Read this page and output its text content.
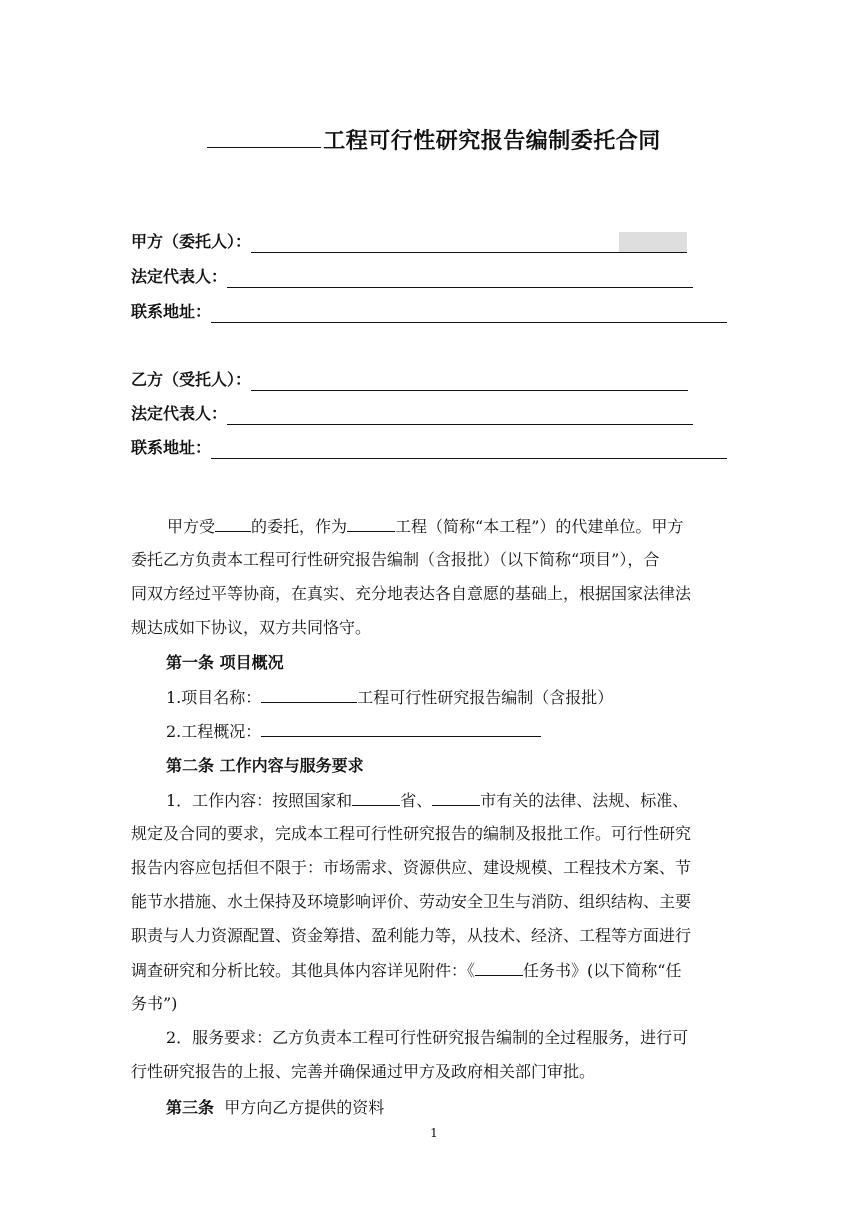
工程可行性研究报告编制委托合同
甲方（委托人）：
法定代表人：
联系地址：
乙方（受托人）：
法定代表人：
联系地址：
甲方受 的委托，作为	工程（简称“本工程”）的代建单位。甲方
委托乙方负责本工程可行性研究报告编制（含报批）（以下简称“项目”），合
同双方经过平等协商，在真实、充分地表达各自意愿的基础上，根据国家法律法
规达成如下协议，双方共同恪守。
第一条 项目概况
1.项目名称：	工程可行性研究报告编制（含报批）
2.工程概况：
第二条 工作内容与服务要求
1．工作内容：按照国家和	省、	市有关的法律、法规、标准、
规定及合同的要求，完成本工程可行性研究报告的编制及报批工作。可行性研究
报告内容应包括但不限于：市场需求、资源供应、建设规模、工程技术方案、节
能节水措施、水土保持及环境影响评价、劳动安全卫生与消防、组织结构、主要
职责与人力资源配置、资金筹措、盈利能力等，从技术、经济、工程等方面进行
调查研究和分析比较。其他具体内容详见附件：《	任务书》(以下简称“任
务书”)
2．服务要求：乙方负责本工程可行性研究报告编制的全过程服务，进行可
行性研究报告的上报、完善并确保通过甲方及政府相关部门审批。
第三条 甲方向乙方提供的资料
1
